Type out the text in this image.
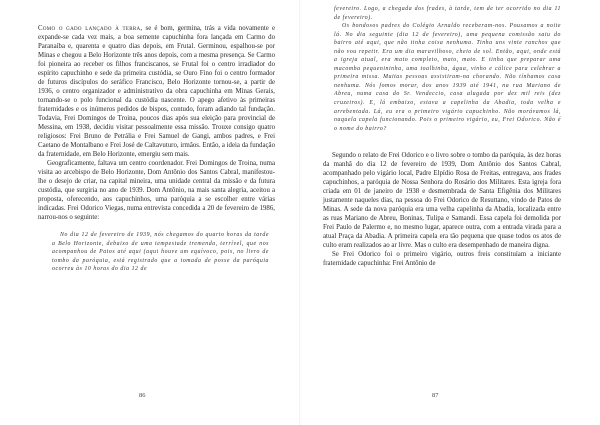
Como o gado lançado à terra, se é bom, germina, trás a vida novamente e expande-se cada vez mais, a boa semente capuchinha fora lançada em Carmo do Paranaíba e, quarenta e quatro dias depois, em Frutal. Germinou, espalhou-se por Minas e chegou a Belo Horizonte três anos depois, com a mesma presença. Se Carmo foi pioneira ao receber os filhos franciscanos, se Frutal foi o centro irradiador do espírito capuchinho e sede da primeira custódia, se Ouro Fino foi o centro formador de futuros discípulos do seráfico Francisco, Belo Horizonte tornou-se, a partir de 1936, o centro organizador e administrativo da obra capuchinha em Minas Gerais, tornando-se o polo funcional da custódia nascente. O apego afetivo às primeiras fraternidades e os inúmeros pedidos de bispos, contudo, foram adiando tal fundação. Todavia, Frei Domingos de Troina, poucos dias após sua eleição para provincial de Messina, em 1938, decidiu visitar pessoalmente essa missão. Trouxe consigo quatro religiosos: Frei Bruno de Petrália e Frei Samuel de Gangi, ambos padres, e Frei Caetano de Montalbano e Frei José de Caltavuturo, irmãos. Então, a ideia da fundação da fraternidade, em Belo Horizonte, emergiu sem mais.

Geograficamente, faltava um centro coordenador. Frei Domingos de Troina, numa visita ao arcebispo de Belo Horizonte, Dom Antônio dos Santos Cabral, manifestou-lhe o desejo de criar, na capital mineira, uma unidade central da missão e da futura custódia, que surgiria no ano de 1939. Dom Antônio, na mais santa alegria, aceitou a proposta, oferecendo, aos capuchinhos, uma paróquia a se escolher entre várias indicadas. Frei Odorico Viegas, numa entrevista concedida a 20 de fevereiro de 1986, narrou-nos o seguinte:

No dia 12 de fevereiro de 1939, nós chegamos do quarto horas da tarde a Belo Horizonte, debaixo de uma tempestade tremenda, terrível, que nos acompanhou de Patos até aqui (aqui houve um equívoco, pois, no livro de tombo da paróquia, está registrado que a tomada de posse da paróquia ocorreu às 10 horas do dia 12 de

86

fevereiro. Logo, a chegada dos frades, à tarde, tem de ter ocorrido no dia 11 de fevereiro).

Os bondosos padres do Colégio Arnaldo receberam-nos. Pousamos a noite lá. No dia seguinte (dia 12 de fevereiro), uma pequena comissão saiu do bairro até aqui, que não tinha coisa nenhuma. Tinha uns vinte ranchos que não vou repetir. Era um dia maravilhoso, cheio de sol. Então, aqui, onde está a igreja atual, era mato completo, mato, mato. E tinha que preparar uma macomba pequenininha, uma toalhinha, água, vinho e cálice para celebrar a primeira missa. Muitas pessoas assistiram-na chorando. Não tínhamos casa nenhuma. Nós fomos morar, dos anos 1939 até 1941, na rua Mariano de Abreu, numa casa do Sr. Vendeccio, casa alugada por dez mil reis (dez cruzeiros). E, lá embaixo, estava a capelinha da Abadia, toda velha e arrebentada. Lá, eu era o primeiro vigário capuchinho. Não morávamos lá, naquela capela funcionando. Pois o primeiro vigário, eu, Frei Odorico. Não é o nome do bairro?

Segundo o relato de Frei Odorico e o livro sobre o tombo da paróquia, às dez horas da manhã do dia 12 de fevereiro de 1939, Dom Antônio dos Santos Cabral, acompanhado pelo vigário local, Padre Elpídio Rosa de Freitas, entregava, aos frades capuchinhos, a paróquia de Nossa Senhora do Rosário dos Militares. Esta igreja fora criada em 01 de janeiro de 1938 e desmembrada de Santa Efigênia dos Militares justamente naqueles dias, na pessoa do Frei Odorico de Resuttano, vindo de Patos de Minas. A sede da nova paróquia era uma velha capelinha da Abadia, localizada entre as ruas Mariano de Abreu, Boninas, Tulipa e Samandi. Essa capela foi demolida por Frei Paulo de Palermo e, no mesmo lugar, aparece outra, com a entrada virada para a atual Praça da Abadia. A primeira capela era tão pequena que quase todos os atos de culto eram realizados ao ar livre. Mas o culto era desempenhado de maneira digna.

Se Frei Odorico foi o primeiro vigário, outros freis constituíam a iniciante fraternidade capuchinha: Frei Antônio de

87
